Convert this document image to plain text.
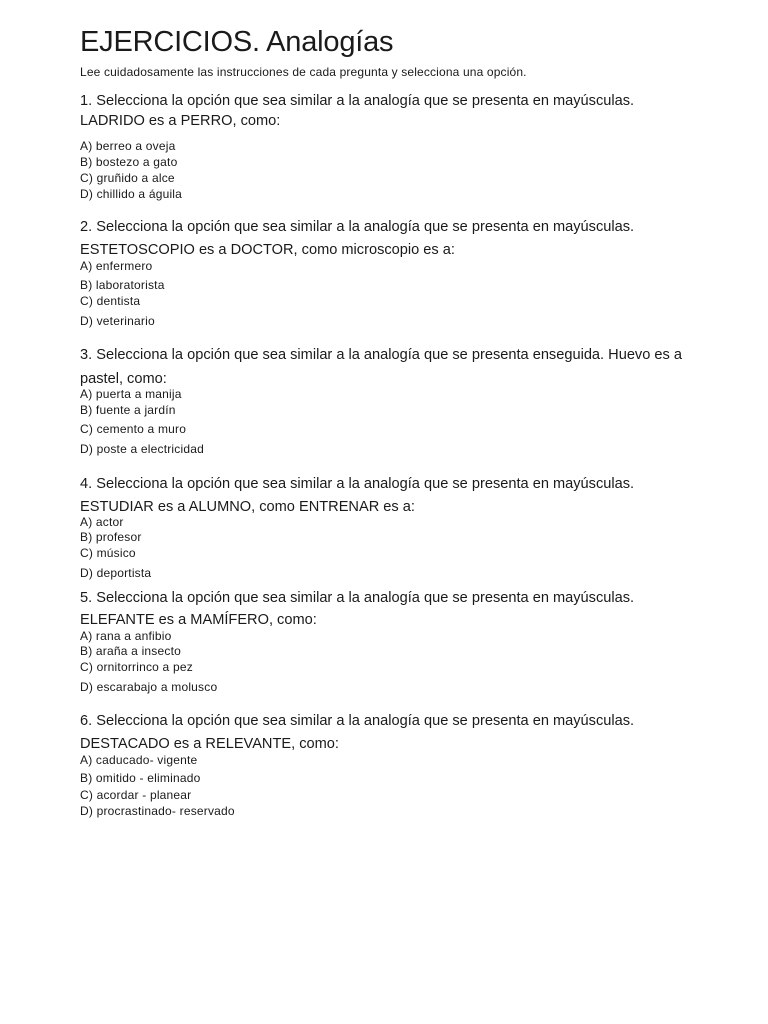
EJERCICIOS. Analogías
Lee cuidadosamente las instrucciones de cada pregunta y selecciona una opción.
1. Selecciona la opción que sea similar a la analogía que se presenta en mayúsculas.
LADRIDO es a PERRO, como:
A) berreo a oveja
B) bostezo a gato
C) gruñido a alce
D) chillido a águila
2. Selecciona la opción que sea similar a la analogía que se presenta en mayúsculas.
ESTETOSCOPIO es a DOCTOR, como microscopio es a:
A) enfermero
B) laboratorista
C) dentista
D) veterinario
3. Selecciona la opción que sea similar a la analogía que se presenta enseguida. Huevo es a
pastel, como:
A) puerta a manija
B) fuente a jardín
C) cemento a muro
D) poste a electricidad
4. Selecciona la opción que sea similar a la analogía que se presenta en mayúsculas.
ESTUDIAR es a ALUMNO, como ENTRENAR es a:
A) actor
B) profesor
C) músico
D) deportista
5. Selecciona la opción que sea similar a la analogía que se presenta en mayúsculas.
ELEFANTE es a MAMÍFERO, como:
A) rana a anfibio
B) araña a insecto
C) ornitorrinco a pez
D) escarabajo a molusco
6. Selecciona la opción que sea similar a la analogía que se presenta en mayúsculas.
DESTACADO es a RELEVANTE, como:
A) caducado- vigente
B) omitido - eliminado
C) acordar - planear
D) procrastinado- reservado
